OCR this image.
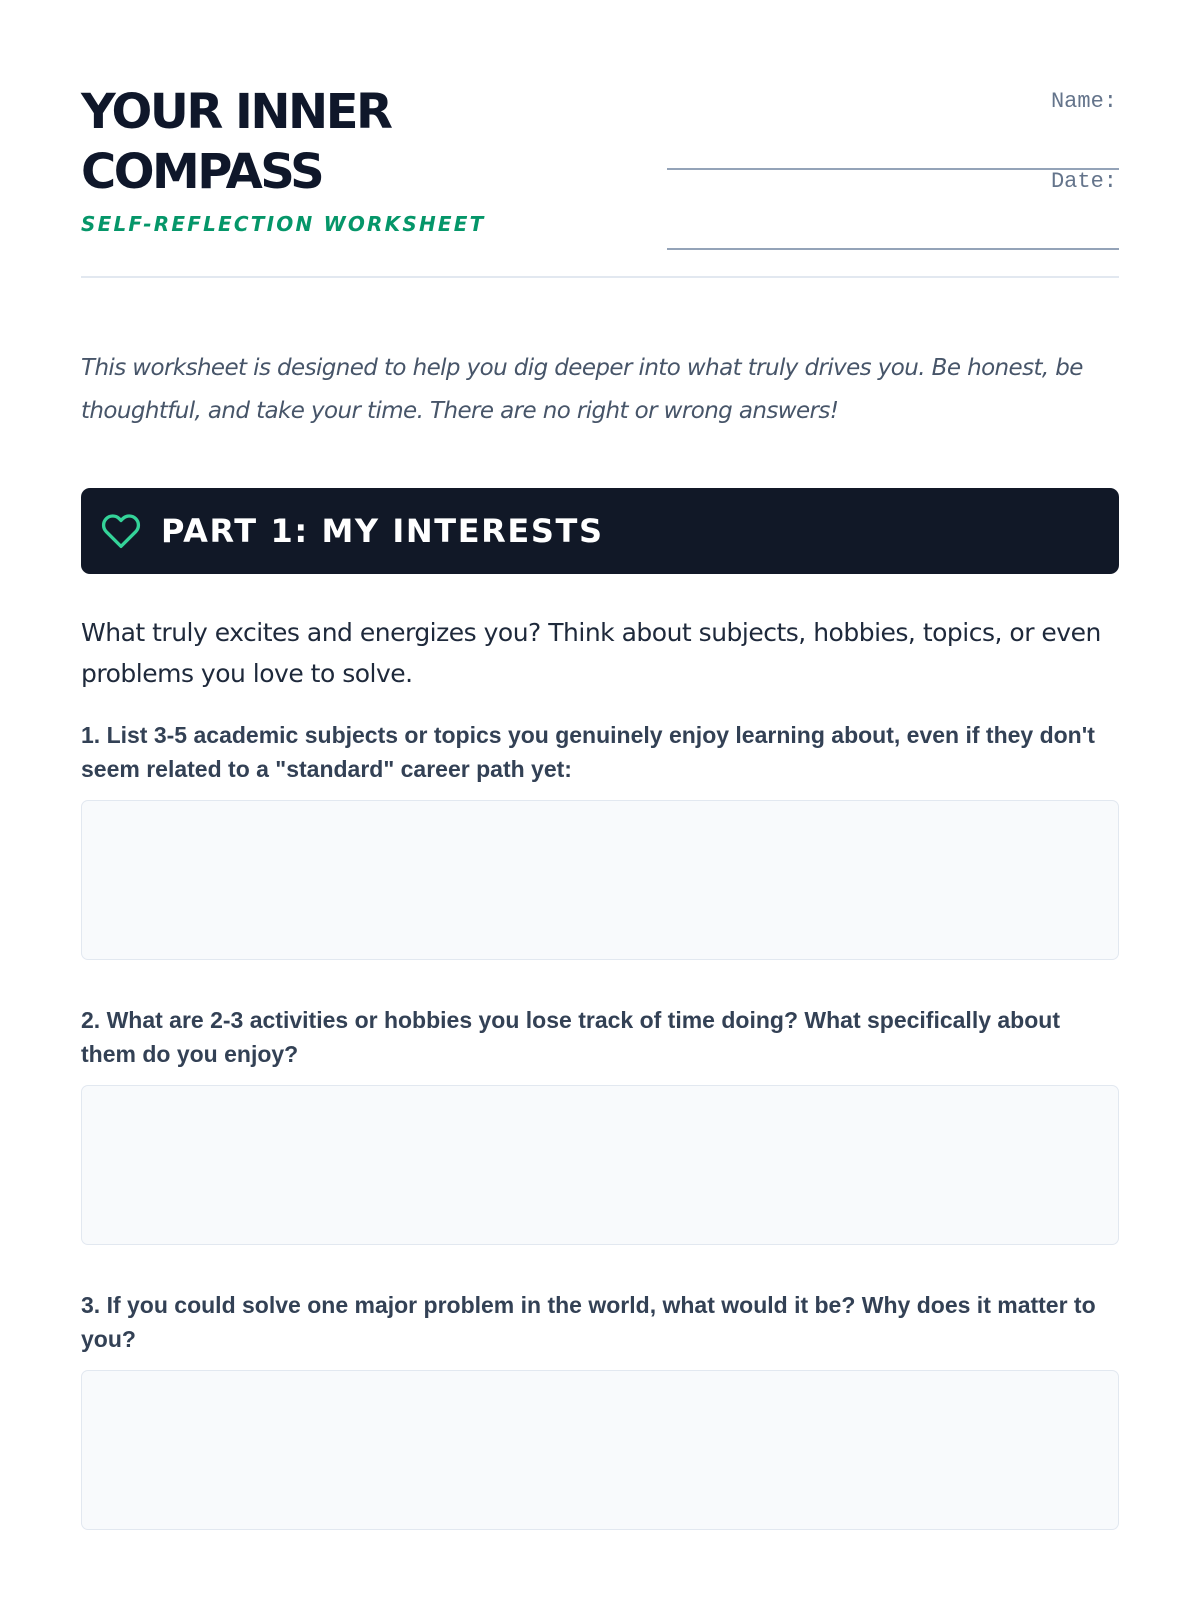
YOUR INNER
COMPASS
SELF-REFLECTION WORKSHEET
Name:
Date:

This worksheet is designed to help you dig deeper into what truly drives you. Be honest, be thoughtful, and take your time. There are no right or wrong answers!

PART 1: MY INTERESTS

What truly excites and energizes you? Think about subjects, hobbies, topics, or even problems you love to solve.

1. List 3-5 academic subjects or topics you genuinely enjoy learning about, even if they don't seem related to a "standard" career path yet:
2. What are 2-3 activities or hobbies you lose track of time doing? What specifically about them do you enjoy?
3. If you could solve one major problem in the world, what would it be? Why does it matter to you?
